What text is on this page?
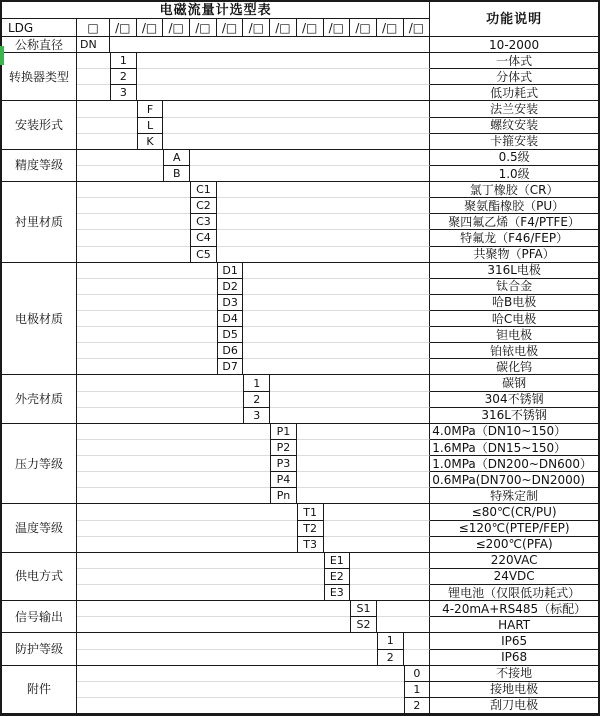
电磁流量计选型表
功能说明
LDG	□	/□ /□ /□ /□ /□ /□ /□ /□ /□ /□ /□ /□
公称直径	DN	10-2000
转换器类型
1	一体式
2	分体式
3	低功耗式
安装形式
F	法兰安装
L	螺纹安装
K	卡箍安装
精度等级
A	0.5级
B	1.0级
衬里材质
C1	氯丁橡胶（CR）
C2	聚氨酯橡胶（PU）
C3	聚四氟乙烯（F4/PTFE）
C4	特氟龙（F46/FEP）
C5	共聚物（PFA）
电极材质
D1	316L电极
D2	钛合金
D3	哈B电极
D4	哈C电极
D5	钽电极
D6	铂铱电极
D7	碳化钨
外壳材质
1	碳钢
2	304不锈钢
3	316L不锈钢
压力等级
P1	4.0MPa（DN10~150）
P2	1.6MPa（DN15~150）
P3	1.0MPa（DN200~DN600）
P4	0.6MPa(DN700~DN2000)
Pn	特殊定制
温度等级
T1	≤80℃(CR/PU)
T2	≤120℃(PTEP/FEP)
T3	≤200℃(PFA)
供电方式
E1	220VAC
E2	24VDC
E3	锂电池（仅限低功耗式）
信号输出
S1	4-20mA+RS485（标配）
S2	HART
防护等级
1	IP65
2	IP68
附件
0	不接地
1	接地电极
2	刮刀电极
